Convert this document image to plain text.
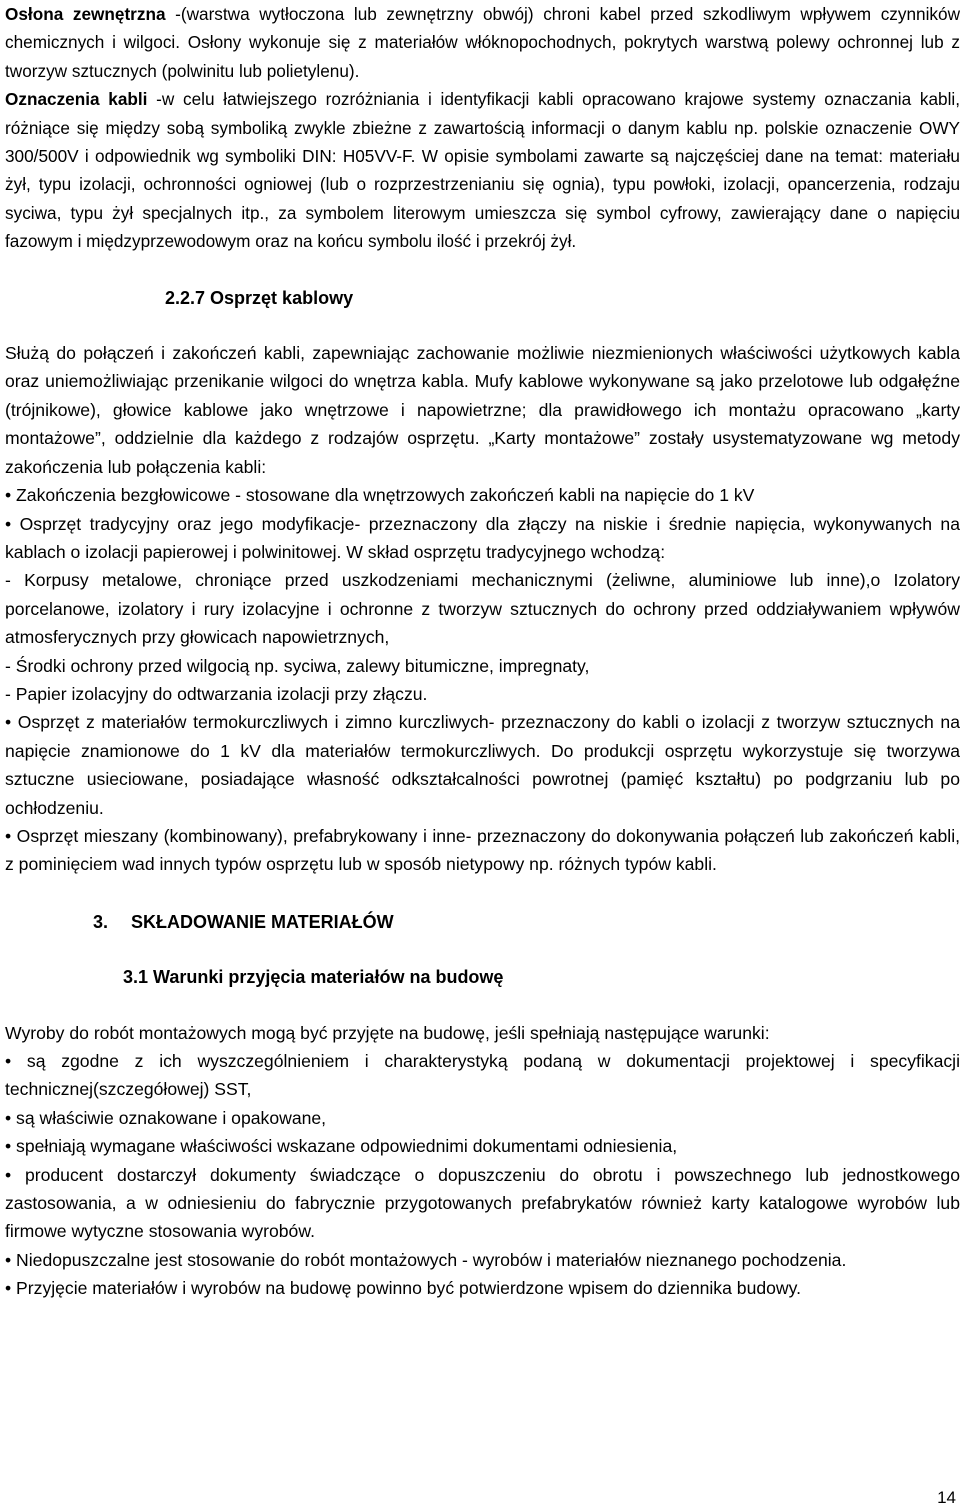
Osłona zewnętrzna -(warstwa wytłoczona lub zewnętrzny obwój) chroni kabel przed szkodliwym wpływem czynników chemicznych i wilgoci. Osłony wykonuje się z materiałów włóknopochodnych, pokrytych warstwą polewy ochronnej lub z tworzyw sztucznych (polwinitu lub polietylenu).

Oznaczenia kabli -w celu łatwiejszego rozróżniania i identyfikacji kabli opracowano krajowe systemy oznaczania kabli, różniące się między sobą symboliką zwykle zbieżne z zawartością informacji o danym kablu np. polskie oznaczenie OWY 300/500V i odpowiednik wg symboliki DIN: H05VV-F. W opisie symbolami zawarte są najczęściej dane na temat: materiału żył, typu izolacji, ochronności ogniowej (lub o rozprzestrzenianiu się ognia), typu powłoki, izolacji, opancerzenia, rodzaju syciwa, typu żył specjalnych itp., za symbolem literowym umieszcza się symbol cyfrowy, zawierający dane o napięciu fazowym i międzyprzewodowym oraz na końcu symbolu ilość i przekrój żył.

2.2.7 Osprzęt kablowy

Służą do połączeń i zakończeń kabli, zapewniając zachowanie możliwie niezmienionych właściwości użytkowych kabla oraz uniemożliwiając przenikanie wilgoci do wnętrza kabla. Mufy kablowe wykonywane są jako przelotowe lub odgałęźne (trójnikowe), głowice kablowe jako wnętrzowe i napowietrzne; dla prawidłowego ich montażu opracowano „karty montażowe”, oddzielnie dla każdego z rodzajów osprzętu. „Karty montażowe” zostały usystematyzowane wg metody zakończenia lub połączenia kabli:

• Zakończenia bezgłowicowe - stosowane dla wnętrzowych zakończeń kabli na napięcie do 1 kV

• Osprzęt tradycyjny oraz jego modyfikacje- przeznaczony dla złączy na niskie i średnie napięcia, wykonywanych na kablach o izolacji papierowej i polwinitowej. W skład osprzętu tradycyjnego wchodzą:

- Korpusy metalowe, chroniące przed uszkodzeniami mechanicznymi (żeliwne, aluminiowe lub inne),o Izolatory porcelanowe, izolatory i rury izolacyjne i ochronne z tworzyw sztucznych do ochrony przed oddziaływaniem wpływów atmosferycznych przy głowicach napowietrznych,

- Środki ochrony przed wilgocią np. syciwa, zalewy bitumiczne, impregnaty,

- Papier izolacyjny do odtwarzania izolacji przy złączu.

• Osprzęt z materiałów termokurczliwych i zimno kurczliwych- przeznaczony do kabli o izolacji z tworzyw sztucznych na napięcie znamionowe do 1 kV dla materiałów termokurczliwych. Do produkcji osprzętu wykorzystuje się tworzywa sztuczne usieciowane, posiadające własność odkształcalności powrotnej (pamięć kształtu) po podgrzaniu lub po ochłodzeniu.

• Osprzęt mieszany (kombinowany), prefabrykowany i inne- przeznaczony do dokonywania połączeń lub zakończeń kabli, z pominięciem wad innych typów osprzętu lub w sposób nietypowy np. różnych typów kabli.

3. SKŁADOWANIE MATERIAŁÓW
3.1 Warunki przyjęcia materiałów na budowę

Wyroby do robót montażowych mogą być przyjęte na budowę, jeśli spełniają następujące warunki:

• są zgodne z ich wyszczególnieniem i charakterystyką podaną w dokumentacji projektowej i specyfikacji technicznej(szczegółowej) SST,

• są właściwie oznakowane i opakowane,

• spełniają wymagane właściwości wskazane odpowiednimi dokumentami odniesienia,

• producent dostarczył dokumenty świadczące o dopuszczeniu do obrotu i powszechnego lub jednostkowego zastosowania, a w odniesieniu do fabrycznie przygotowanych prefabrykatów również karty katalogowe wyrobów lub firmowe wytyczne stosowania wyrobów.

• Niedopuszczalne jest stosowanie do robót montażowych - wyrobów i materiałów nieznanego pochodzenia.

• Przyjęcie materiałów i wyrobów na budowę powinno być potwierdzone wpisem do dziennika budowy.

14
